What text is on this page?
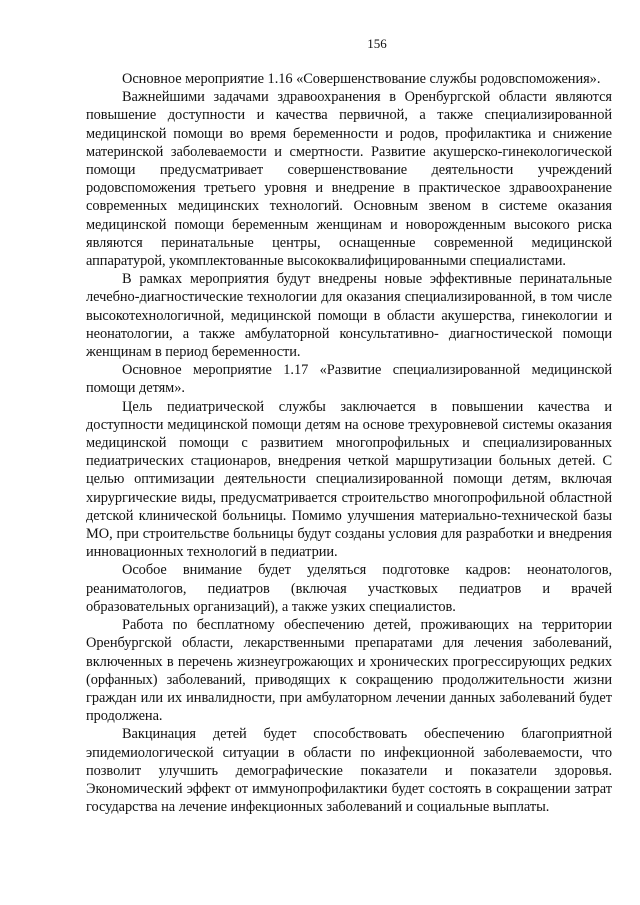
156

Основное мероприятие 1.16 «Совершенствование службы родовспоможения».

Важнейшими задачами здравоохранения в Оренбургской области являются повышение доступности и качества первичной, а также специализированной медицинской помощи во время беременности и родов, профилактика и снижение материнской заболеваемости и смертности. Развитие акушерско-гинекологической помощи предусматривает совершенствование деятельности учреждений родовспоможения третьего уровня и внедрение в практическое здравоохранение современных медицинских технологий. Основным звеном в системе оказания медицинской помощи беременным женщинам и новорожденным высокого риска являются перинатальные центры, оснащенные современной медицинской аппаратурой, укомплектованные высококвалифицированными специалистами.

В рамках мероприятия будут внедрены новые эффективные перинатальные лечебно-диагностические технологии для оказания специализированной, в том числе высокотехнологичной, медицинской помощи в области акушерства, гинекологии и неонатологии, а также амбулаторной консультативно- диагностической помощи женщинам в период беременности.

Основное мероприятие 1.17 «Развитие специализированной медицинской помощи детям».

Цель педиатрической службы заключается в повышении качества и доступности медицинской помощи детям на основе трехуровневой системы оказания медицинской помощи с развитием многопрофильных и специализированных педиатрических стационаров, внедрения четкой маршрутизации больных детей. С целью оптимизации деятельности специализированной помощи детям, включая хирургические виды, предусматривается строительство многопрофильной областной детской клинической больницы. Помимо улучшения материально-технической базы МО, при строительстве больницы будут созданы условия для разработки и внедрения инновационных технологий в педиатрии.

Особое внимание будет уделяться подготовке кадров: неонатологов, реаниматологов, педиатров (включая участковых педиатров и врачей образовательных организаций), а также узких специалистов.

Работа по бесплатному обеспечению детей, проживающих на территории Оренбургской области, лекарственными препаратами для лечения заболеваний, включенных в перечень жизнеугрожающих и хронических прогрессирующих редких (орфанных) заболеваний, приводящих к сокращению продолжительности жизни граждан или их инвалидности, при амбулаторном лечении данных заболеваний будет продолжена.

Вакцинация детей будет способствовать обеспечению благоприятной эпидемиологической ситуации в области по инфекционной заболеваемости, что позволит улучшить демографические показатели и показатели здоровья. Экономический эффект от иммунопрофилактики будет состоять в сокращении затрат государства на лечение инфекционных заболеваний и социальные выплаты.
